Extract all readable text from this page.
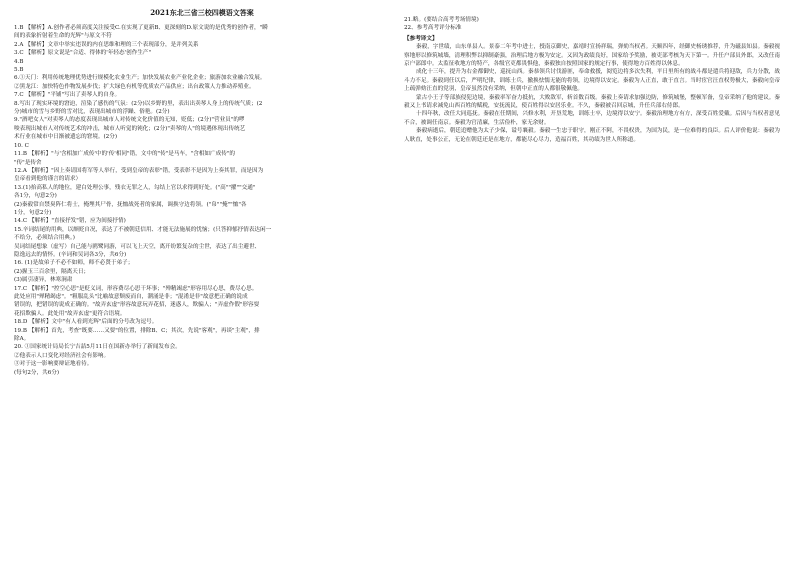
2021东北三省三校四模语文答案
1.B 【解析】A.创作者必须高度关注接受C.在实现了更新B、更深刻的D.原文说的是优秀的创作者，"瞬
间的表象折射着生命的光辉"与原文不符
2.A 【解析】文章中举实违误的内在思维和理的三个表现部分，是并列关系
3.C 【解析】原文说是"合适、得体的'年轻态'创作生产"
4.B
5.B
6.①天门：利用传统地理优势进行规模化农业生产；加快发展农业产业化企业；旅游加农业融合发展。
②黑龙江：加快特色作物发展步伐；扩大绿色有机等优质农产品供应；出台政策人力推动养殖业。
7.C 【解析】"平铺"写出了卖琴人的自身。
8.写出了现实环境的窘迫，渲染了感伤的气氛：(2分)以乡野的里，表出出卖琴人身上的传统气质；(2
分)城市的雪与乡野的雪对比，表现出城市的浮躁、俗艳。(2分)
9."酒吧女人"对卖琴人的态度表现出城市人对传统文化价值的无知，贬低；(2分)"营业员"的啰
唆表现出城市人对传统艺术的冲击，城市人听觉的钝化；(2分)"卖琴的人"的境遇体现出传统艺
术行业在城市中日渐被遗忘的窘境。(2分)
10. C
11.B 【解析】"与'含相加广成传'中的'传'相同"错，文中的"传"是马车，"含相如广成传"的
"传"是传舍
12.A 【解析】"因上奏请国将军等人举行，受到皇帝的表彰"错，受表彰不是因为上奏其罪，而是因为
皇帝看到他的谨言的请求）
13.(1)抬高私人的地位，建白处理公事，残衣无罪之人，勾结上官以求得到好处。("高""擢""交通"
各1分，句意2分)
(2)秦毅常自禁臭阵仁将士，掩埋其尸骨，抚恤战死者的家属，调换守边将领。("帛""掩""恤"各
1分，句意2分)
14.C 【解析】"直接抒发"错，应为间接抒情)
15.辛词结尾的用典，以颇贬自况，表达了不被朝廷信用、才能无法施展的忧恼；(只答抑郁抒情表达闲一
不给分，必须结合用典。)
吴词结尾想象（虚写）自己能与鸥鹭同游，可以飞上天空，离开纷繁复杂的尘世，表达了出尘避世、
隐逸远去的情怀。(辛词和吴词各3分，共6分)
16. (1)是故弟子不必不如师，师不必贤于弟子；
(2)握玉三百余里，隔离天日；
(3)属引凄异，林寒涧肃
17.C 【解析】"控空心思"是贬义词，形容费尽心思干坏事；"殚精竭虑"形容用尽心思，费尽心思。
此处应用"殚精竭虑"。"粗服乱头"比喻故意颓废而自，潮涌是非；"混淆是非"故意把正确的说成
错误的，把错误的说成正确的。"故弄玄虚"形容故意玩弄花招，迷惑人，欺骗人；"弄虚作假"形容耍
花招欺骗人。此处用"故弄玄虚"更符合语境。
18.D 【解析】文中"有人看到光辉"后面的分号改为逗号。
19.B 【解析】首先，考查"既要……又要"的位置，排除B、C；其次，先说"客观"，再谈"主观"，排
除A。
20. ①国家统计局局长宁吉喆5月11日在国新办举行了新闻发布会。
②他表示人口变化对经济社会有影响。
③对于这一影响要辩证地看待。
(每句2分，共6分)
21.略。(要结合高考考场情境)
22、参考高考评分标准
【参考译文】

秦毅，字世绩，山东单县人。景泰二年考中进士，授南京御史，嘉靖时宣扬祥瑞，弹劾当权者。天顺四年，经御史杨琇推荐，升为磁县知县。秦毅视察地形以修筑城墙，清理积弊以抑制豪强，治理后地方极为安定。又因为政绩良好，国家给予奖励，被吏部考核为天下第一。升任户部员外郎，又改任南京户部郎中。太监征收地方的特产，各级官吏都畏惧他，秦毅独自按照国家的规定行事，使得地方百姓得以休息。

成化十三年，提升为右金都御史，巡抚山西。秦恭领兵讨伐游匪，奉命救援，阅览边将多次失利，平日里所有的战斗都是遣兵将迎敌，兵力分散，战斗力不足。秦毅到任以后，严明纪律，训练士兵，撤换怯懦无能的将领，边境得以安定。秦毅为人正直，敢于直言。当时宦官汪直权势极大，秦毅向皇帝上疏弹劾汪直的党羽，皇帝虽然没有采纳，但朝中正直的人都很敬佩他。

蒙古小王子等部族侵犯边境，秦毅率军奋力抵抗，大败敌军，斩首数百级。秦毅上奏请求加强边防，修筑城堡，整顿军备，皇帝采纳了他的建议。秦毅又上书请求减免山西百姓的赋税，安抚流民，使百姓得以安居乐业。不久，秦毅被召回京城，升任兵部右侍郎。

十四年秋，改任大同巡抚。秦毅在任期间，兴修水利，开垦荒地，训练士卒，边境得以安宁。秦毅治理地方有方，深受百姓爱戴。后因与当权者意见不合，被调任南京。秦毅为官清廉，生活俭朴，家无余财。

秦毅病逝后，朝廷追赠他为太子少保，谥号襄毅。秦毅一生忠于职守，刚正不阿，不畏权贵，为国为民，是一位难得的良臣。后人评价他说：秦毅为人耿直，处事公正，无论在朝廷还是在地方，都能尽心尽力，造福百姓，其功绩为世人所称道。
